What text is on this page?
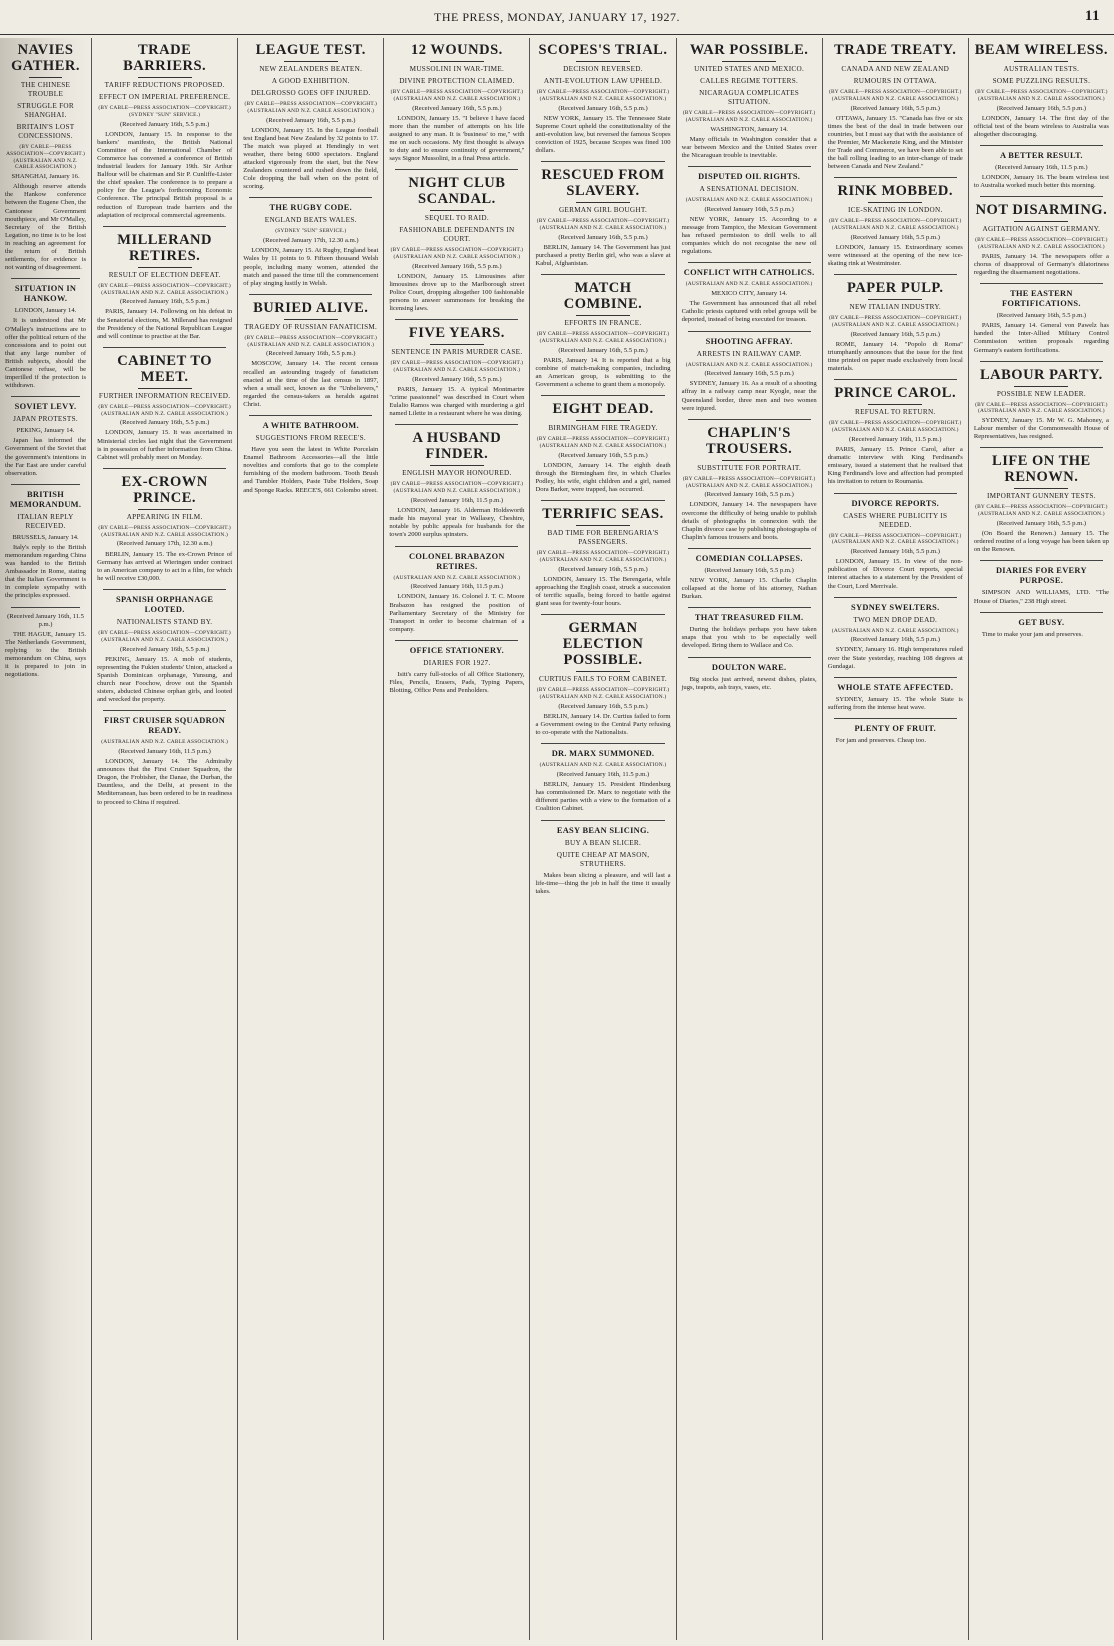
THE PRESS, MONDAY, JANUARY 17, 1927.	11
NAVIES GATHER.
THE CHINESE TROUBLE
STRUGGLE FOR SHANGHAI.
BRITAIN'S LOST CONCESSIONS.
(BY CABLE—PRESS ASSOCIATION—COPYRIGHT.) (AUSTRALIAN AND N.Z. CABLE ASSOCIATION.)
SHANGHAI, January 16.
Although reserve attends the Hankow conference between the Eugene Chen, the Cantonese Government mouthpiece, and Mr O'Malley, Secretary of the British Legation, no time is to be lost in reaching an agreement for the return of British settlements, for evidence is not wanting of disagreement.
SITUATION IN HANKOW.
LONDON, January 14.
It is understood that Mr O'Malley's instructions are to offer the political return of the concessions and to point out that any large number of British subjects, should the Cantonese refuse, will be imperilled if the protection is withdrawn.
SOVIET LEVY.
JAPAN PROTESTS.
PEKING, January 14.
Japan has informed the Government of the Soviet that the government's intentions in the Far East are under careful observation.
BRITISH MEMORANDUM.
ITALIAN REPLY RECEIVED.
BRUSSELS, January 14.
Italy's reply to the British memorandum regarding China was handed to the British Ambassador in Rome, stating that the Italian Government is in complete sympathy with the principles expressed.
(Received January 16th, 11.5 p.m.)
THE HAGUE, January 15. The Netherlands Government, replying to the British memorandum on China, says it is prepared to join in negotiations.
TRADE BARRIERS.
TARIFF REDUCTIONS PROPOSED.
EFFECT ON IMPERIAL PREFERENCE.
(BY CABLE—PRESS ASSOCIATION—COPYRIGHT.) (SYDNEY "SUN" SERVICE.)
(Received January 16th, 5.5 p.m.)
LONDON, January 15. In response to the bankers' manifesto, the British National Committee of the International Chamber of Commerce has convened a conference of British industrial leaders for January 19th. Sir Arthur Balfour will be chairman and Sir P. Cunliffe-Lister the chief speaker. The conference is to prepare a policy for the League's forthcoming Economic Conference. The principal British proposal is a reduction of European trade barriers and the adaptation of reciprocal commercial agreements.
MILLERAND RETIRES.
RESULT OF ELECTION DEFEAT.
(BY CABLE—PRESS ASSOCIATION—COPYRIGHT.) (AUSTRALIAN AND N.Z. CABLE ASSOCIATION.)
(Received January 16th, 5.5 p.m.)
PARIS, January 14. Following on his defeat in the Senatorial elections, M. Millerand has resigned the Presidency of the National Republican League and will continue to practise at the Bar.
CABINET TO MEET.
FURTHER INFORMATION RECEIVED.
(BY CABLE—PRESS ASSOCIATION—COPYRIGHT.) (AUSTRALIAN AND N.Z. CABLE ASSOCIATION.)
(Received January 16th, 5.5 p.m.)
LONDON, January 15. It was ascertained in Ministerial circles last night that the Government is in possession of further information from China. Cabinet will probably meet on Monday.
EX-CROWN PRINCE.
APPEARING IN FILM.
(BY CABLE—PRESS ASSOCIATION—COPYRIGHT.) (AUSTRALIAN AND N.Z. CABLE ASSOCIATION.)
(Received January 17th, 12.30 a.m.)
BERLIN, January 15. The ex-Crown Prince of Germany has arrived at Wieringen under contract to an American company to act in a film, for which he will receive £30,000.
SPANISH ORPHANAGE LOOTED.
NATIONALISTS STAND BY.
(BY CABLE—PRESS ASSOCIATION—COPYRIGHT.) (AUSTRALIAN AND N.Z. CABLE ASSOCIATION.)
(Received January 16th, 5.5 p.m.)
PEKING, January 15. A mob of students, representing the Fukien students' Union, attacked a Spanish Dominican orphanage, Yunsung, and church near Foochow, drove out the Spanish sisters, abducted Chinese orphan girls, and looted and wrecked the property.
FIRST CRUISER SQUADRON READY.
(AUSTRALIAN AND N.Z. CABLE ASSOCIATION.)
(Received January 16th, 11.5 p.m.)
LONDON, January 14. The Admiralty announces that the First Cruiser Squadron, the Dragon, the Frobisher, the Danae, the Durban, the Dauntless, and the Delhi, at present in the Mediterranean, has been ordered to be in readiness to proceed to China if required.
LEAGUE TEST.
NEW ZEALANDERS BEATEN.
A GOOD EXHIBITION.
DELGROSSO GOES OFF INJURED.
(BY CABLE—PRESS ASSOCIATION—COPYRIGHT.) (AUSTRALIAN AND N.Z. CABLE ASSOCIATION.)
(Received January 16th, 5.5 p.m.)
LONDON, January 15. In the League football test England beat New Zealand by 32 points to 17. The match was played at Hendingly in wet weather, there being 6000 spectators. England attacked vigorously from the start, but the New Zealanders countered and rushed down the field, Cole dropping the ball when on the point of scoring.
THE RUGBY CODE.
ENGLAND BEATS WALES.
(SYDNEY "SUN" SERVICE.)
(Received January 17th, 12.30 a.m.)
LONDON, January 15. At Rugby, England beat Wales by 11 points to 9. Fifteen thousand Welsh people, including many women, attended the match and passed the time till the commencement of play singing lustily in Welsh.
BURIED ALIVE.
TRAGEDY OF RUSSIAN FANATICISM.
(BY CABLE—PRESS ASSOCIATION—COPYRIGHT.) (AUSTRALIAN AND N.Z. CABLE ASSOCIATION.)
(Received January 16th, 5.5 p.m.)
MOSCOW, January 14. The recent census recalled an astounding tragedy of fanaticism enacted at the time of the last census in 1897, when a small sect, known as the "Unbelievers," regarded the census-takers as heralds against Christ.
A WHITE BATHROOM.
SUGGESTIONS FROM REECE'S.
Have you seen the latest in White Porcelain Enamel Bathroom Accessories—all the little novelties and comforts that go to the complete furnishing of the modern bathroom. Tooth Brush and Tumbler Holders, Paste Tube Holders, Soap and Sponge Racks. REECE'S, 661 Colombo street.
12 WOUNDS.
MUSSOLINI IN WAR-TIME.
DIVINE PROTECTION CLAIMED.
(BY CABLE—PRESS ASSOCIATION—COPYRIGHT.) (AUSTRALIAN AND N.Z. CABLE ASSOCIATION.)
(Received January 16th, 5.5 p.m.)
LONDON, January 15. "I believe I have faced more than the number of attempts on his life assigned to any man. It is 'business' to me," with me on such occasions. My first thought is always to duty and to ensure continuity of government," says Signor Mussolini, in a final Press article.
NIGHT CLUB SCANDAL.
SEQUEL TO RAID.
FASHIONABLE DEFENDANTS IN COURT.
(BY CABLE—PRESS ASSOCIATION—COPYRIGHT.) (AUSTRALIAN AND N.Z. CABLE ASSOCIATION.)
(Received January 16th, 5.5 p.m.)
LONDON, January 15. Limousines after limousines drove up to the Marlborough street Police Court, dropping altogether 100 fashionable persons to answer summonses for breaking the licensing laws.
FIVE YEARS.
SENTENCE IN PARIS MURDER CASE.
(BY CABLE—PRESS ASSOCIATION—COPYRIGHT.) (AUSTRALIAN AND N.Z. CABLE ASSOCIATION.)
(Received January 16th, 5.5 p.m.)
PARIS, January 15. A typical Montmartre "crime passionnel" was described in Court when Eulalio Ramos was charged with murdering a girl named Lilette in a restaurant where he was dining.
A HUSBAND FINDER.
ENGLISH MAYOR HONOURED.
(BY CABLE—PRESS ASSOCIATION—COPYRIGHT.) (AUSTRALIAN AND N.Z. CABLE ASSOCIATION.)
(Received January 16th, 11.5 p.m.)
LONDON, January 16. Alderman Holdsworth made his mayoral year in Wallasey, Cheshire, notable by public appeals for husbands for the town's 2000 surplus spinsters.
COLONEL BRABAZON RETIRES.
(AUSTRALIAN AND N.Z. CABLE ASSOCIATION.)
(Received January 16th, 11.5 p.m.)
LONDON, January 16. Colonel J. T. C. Moore Brabazon has resigned the position of Parliamentary Secretary of the Ministry for Transport in order to become chairman of a company.
OFFICE STATIONERY.
DIARIES FOR 1927.
Isitt's carry full-stocks of all Office Stationery, Files, Pencils, Erasers, Pads, Typing Papers, Blotting, Office Pens and Penholders.
SCOPES'S TRIAL.
DECISION REVERSED.
ANTI-EVOLUTION LAW UPHELD.
(BY CABLE—PRESS ASSOCIATION—COPYRIGHT.) (AUSTRALIAN AND N.Z. CABLE ASSOCIATION.)
(Received January 16th, 5.5 p.m.)
NEW YORK, January 15. The Tennessee State Supreme Court upheld the constitutionality of the anti-evolution law, but reversed the famous Scopes conviction of 1925, because Scopes was fined 100 dollars.
RESCUED FROM SLAVERY.
GERMAN GIRL BOUGHT.
(BY CABLE—PRESS ASSOCIATION—COPYRIGHT.) (AUSTRALIAN AND N.Z. CABLE ASSOCIATION.)
(Received January 16th, 5.5 p.m.)
BERLIN, January 14. The Government has just purchased a pretty Berlin girl, who was a slave at Kabul, Afghanistan.
MATCH COMBINE.
EFFORTS IN FRANCE.
(BY CABLE—PRESS ASSOCIATION—COPYRIGHT.) (AUSTRALIAN AND N.Z. CABLE ASSOCIATION.)
(Received January 16th, 5.5 p.m.)
PARIS, January 14. It is reported that a big combine of match-making companies, including an American group, is submitting to the Government a scheme to grant them a monopoly.
EIGHT DEAD.
BIRMINGHAM FIRE TRAGEDY.
(BY CABLE—PRESS ASSOCIATION—COPYRIGHT.) (AUSTRALIAN AND N.Z. CABLE ASSOCIATION.)
(Received January 16th, 5.5 p.m.)
LONDON, January 14. The eighth death through the Birmingham fire, in which Charles Podley, his wife, eight children and a girl, named Dora Barker, were trapped, has occurred.
TERRIFIC SEAS.
BAD TIME FOR BERENGARIA'S PASSENGERS.
(BY CABLE—PRESS ASSOCIATION—COPYRIGHT.) (AUSTRALIAN AND N.Z. CABLE ASSOCIATION.)
(Received January 16th, 5.5 p.m.)
LONDON, January 15. The Berengaria, while approaching the English coast, struck a succession of terrific squalls, being forced to battle against giant seas for twenty-four hours.
GERMAN ELECTION POSSIBLE.
CURTIUS FAILS TO FORM CABINET.
(BY CABLE—PRESS ASSOCIATION—COPYRIGHT.) (AUSTRALIAN AND N.Z. CABLE ASSOCIATION.)
(Received January 16th, 5.5 p.m.)
BERLIN, January 14. Dr. Curtius failed to form a Government owing to the Central Party refusing to co-operate with the Nationalists.
DR. MARX SUMMONED.
(AUSTRALIAN AND N.Z. CABLE ASSOCIATION.)
(Received January 16th, 11.5 p.m.)
BERLIN, January 15. President Hindenburg has commissioned Dr. Marx to negotiate with the different parties with a view to the formation of a Coalition Cabinet.
EASY BEAN SLICING.
BUY A BEAN SLICER.
QUITE CHEAP AT MASON, STRUTHERS.
Makes bean slicing a pleasure, and will last a life-time—thing the job in half the time it usually takes.
WAR POSSIBLE.
UNITED STATES AND MEXICO.
CALLES REGIME TOTTERS.
NICARAGUA COMPLICATES SITUATION.
(BY CABLE—PRESS ASSOCIATION—COPYRIGHT.) (AUSTRALIAN AND N.Z. CABLE ASSOCIATION.)
WASHINGTON, January 14.
Many officials in Washington consider that a war between Mexico and the United States over the Nicaraguan trouble is inevitable.
DISPUTED OIL RIGHTS.
A SENSATIONAL DECISION.
(AUSTRALIAN AND N.Z. CABLE ASSOCIATION.)
(Received January 16th, 5.5 p.m.)
NEW YORK, January 15. According to a message from Tampico, the Mexican Government has refused permission to drill wells to all companies which do not recognise the new oil regulations.
CONFLICT WITH CATHOLICS.
(AUSTRALIAN AND N.Z. CABLE ASSOCIATION.)
MEXICO CITY, January 14.
The Government has announced that all rebel Catholic priests captured with rebel groups will be deported, instead of being executed for treason.
SHOOTING AFFRAY.
ARRESTS IN RAILWAY CAMP.
(AUSTRALIAN AND N.Z. CABLE ASSOCIATION.)
(Received January 16th, 5.5 p.m.)
SYDNEY, January 16. As a result of a shooting affray in a railway camp near Kyogle, near the Queensland border, three men and two women were injured.
CHAPLIN'S TROUSERS.
SUBSTITUTE FOR PORTRAIT.
(BY CABLE—PRESS ASSOCIATION—COPYRIGHT.) (AUSTRALIAN AND N.Z. CABLE ASSOCIATION.)
(Received January 16th, 5.5 p.m.)
LONDON, January 14. The newspapers have overcome the difficulty of being unable to publish details of photographs in connexion with the Chaplin divorce case by publishing photographs of Chaplin's famous trousers and boots.
COMEDIAN COLLAPSES.
(Received January 16th, 5.5 p.m.)
NEW YORK, January 15. Charlie Chaplin collapsed at the home of his attorney, Nathan Burkan.
THAT TREASURED FILM.
During the holidays perhaps you have taken snaps that you wish to be especially well developed. Bring them to Wallace and Co.
DOULTON WARE.
Big stocks just arrived, newest dishes, plates, jugs, teapots, ash trays, vases, etc.
TRADE TREATY.
CANADA AND NEW ZEALAND
RUMOURS IN OTTAWA.
(BY CABLE—PRESS ASSOCIATION—COPYRIGHT.) (AUSTRALIAN AND N.Z. CABLE ASSOCIATION.)
(Received January 16th, 5.5 p.m.)
OTTAWA, January 15. "Canada has five or six times the best of the deal in trade between our countries, but I must say that with the assistance of the Premier, Mr Mackenzie King, and the Minister for Trade and Commerce, we have been able to set the ball rolling leading to an inter-change of trade between Canada and New Zealand."
RINK MOBBED.
ICE-SKATING IN LONDON.
(BY CABLE—PRESS ASSOCIATION—COPYRIGHT.) (AUSTRALIAN AND N.Z. CABLE ASSOCIATION.)
(Received January 16th, 5.5 p.m.)
LONDON, January 15. Extraordinary scenes were witnessed at the opening of the new ice-skating rink at Westminster.
PAPER PULP.
NEW ITALIAN INDUSTRY.
(BY CABLE—PRESS ASSOCIATION—COPYRIGHT.) (AUSTRALIAN AND N.Z. CABLE ASSOCIATION.)
(Received January 16th, 5.5 p.m.)
ROME, January 14. "Popolo di Roma" triumphantly announces that the issue for the first time printed on paper made exclusively from local materials.
PRINCE CAROL.
REFUSAL TO RETURN.
(BY CABLE—PRESS ASSOCIATION—COPYRIGHT.) (AUSTRALIAN AND N.Z. CABLE ASSOCIATION.)
(Received January 16th, 11.5 p.m.)
PARIS, January 15. Prince Carol, after a dramatic interview with King Ferdinand's emissary, issued a statement that he realised that King Ferdinand's love and affection had prompted his invitation to return to Roumania.
DIVORCE REPORTS.
CASES WHERE PUBLICITY IS NEEDED.
(BY CABLE—PRESS ASSOCIATION—COPYRIGHT.) (AUSTRALIAN AND N.Z. CABLE ASSOCIATION.)
(Received January 16th, 5.5 p.m.)
LONDON, January 15. In view of the non-publication of Divorce Court reports, special interest attaches to a statement by the President of the Court, Lord Merrivale.
SYDNEY SWELTERS.
TWO MEN DROP DEAD.
(AUSTRALIAN AND N.Z. CABLE ASSOCIATION.)
(Received January 16th, 5.5 p.m.)
SYDNEY, January 16. High temperatures ruled over the State yesterday, reaching 108 degrees at Gundagai.
WHOLE STATE AFFECTED.
SYDNEY, January 15. The whole State is suffering from the intense heat wave.
PLENTY OF FRUIT.
For jam and preserves. Cheap too.
BEAM WIRELESS.
AUSTRALIAN TESTS.
SOME PUZZLING RESULTS.
(BY CABLE—PRESS ASSOCIATION—COPYRIGHT.) (AUSTRALIAN AND N.Z. CABLE ASSOCIATION.)
(Received January 16th, 5.5 p.m.)
LONDON, January 14. The first day of the official test of the beam wireless to Australia was altogether discouraging.
A BETTER RESULT.
(Received January 16th, 11.5 p.m.)
LONDON, January 16. The beam wireless test to Australia worked much better this morning.
NOT DISARMING.
AGITATION AGAINST GERMANY.
(BY CABLE—PRESS ASSOCIATION—COPYRIGHT.) (AUSTRALIAN AND N.Z. CABLE ASSOCIATION.)
PARIS, January 14. The newspapers offer a chorus of disapproval of Germany's dilatoriness regarding the disarmament negotiations.
THE EASTERN FORTIFICATIONS.
(Received January 16th, 5.5 p.m.)
PARIS, January 14. General von Pawelz has handed the Inter-Allied Military Control Commission written proposals regarding Germany's eastern fortifications.
LABOUR PARTY.
POSSIBLE NEW LEADER.
(BY CABLE—PRESS ASSOCIATION—COPYRIGHT.) (AUSTRALIAN AND N.Z. CABLE ASSOCIATION.)
SYDNEY, January 15. Mr W. G. Mahoney, a Labour member of the Commonwealth House of Representatives, has resigned.
LIFE ON THE RENOWN.
IMPORTANT GUNNERY TESTS.
(BY CABLE—PRESS ASSOCIATION—COPYRIGHT.) (AUSTRALIAN AND N.Z. CABLE ASSOCIATION.)
(Received January 16th, 5.5 p.m.)
(On Board the Renown.) January 15. The ordered routine of a long voyage has been taken up on the Renown.
DIARIES FOR EVERY PURPOSE.
SIMPSON AND WILLIAMS, LTD. "The House of Diaries," 238 High street.
GET BUSY.
Time to make your jam and preserves.
